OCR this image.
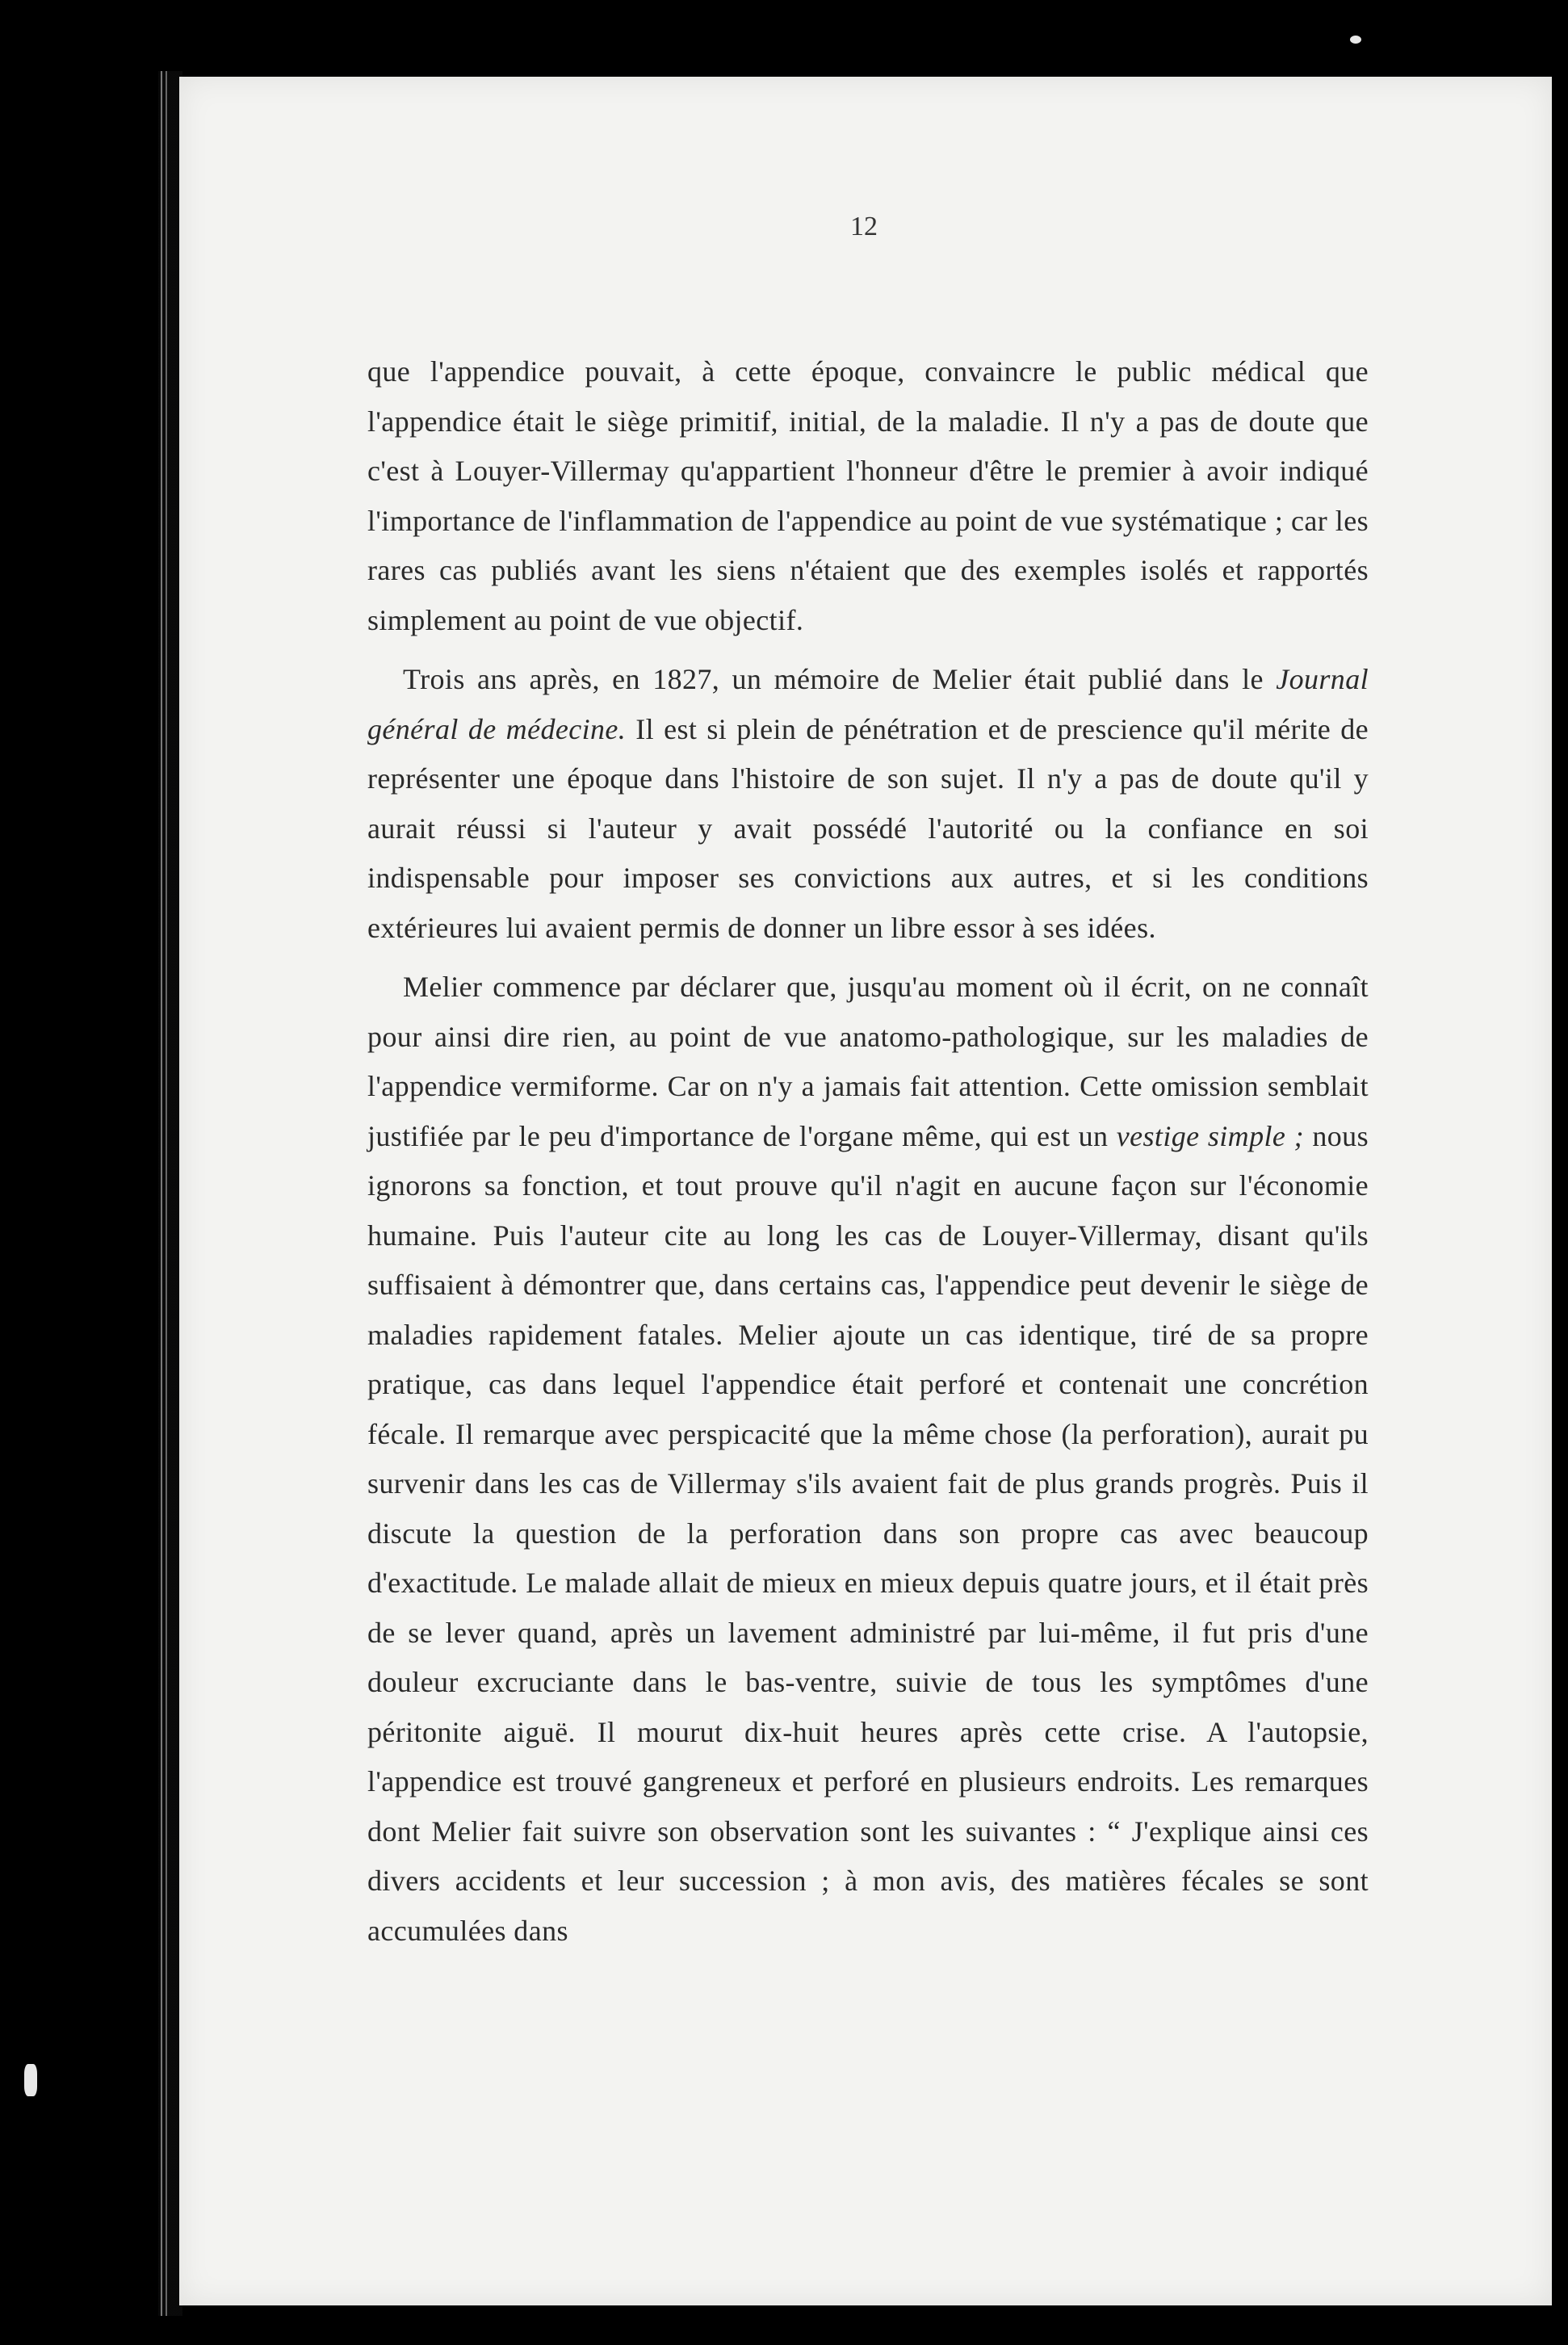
12

que l'appendice pouvait, à cette époque, convaincre le public médical que l'appendice était le siège primitif, initial, de la maladie. Il n'y a pas de doute que c'est à Louyer-Villermay qu'appartient l'honneur d'être le premier à avoir indiqué l'importance de l'inflammation de l'appendice au point de vue systématique ; car les rares cas publiés avant les siens n'étaient que des exemples isolés et rapportés simplement au point de vue objectif.

Trois ans après, en 1827, un mémoire de Melier était publié dans le Journal général de médecine. Il est si plein de pénétration et de prescience qu'il mérite de représenter une époque dans l'histoire de son sujet. Il n'y a pas de doute qu'il y aurait réussi si l'auteur y avait possédé l'autorité ou la confiance en soi indispensable pour imposer ses convictions aux autres, et si les conditions extérieures lui avaient permis de donner un libre essor à ses idées.

Melier commence par déclarer que, jusqu'au moment où il écrit, on ne connaît pour ainsi dire rien, au point de vue anatomo-pathologique, sur les maladies de l'appendice vermiforme. Car on n'y a jamais fait attention. Cette omission semblait justifiée par le peu d'importance de l'organe même, qui est un vestige simple ; nous ignorons sa fonction, et tout prouve qu'il n'agit en aucune façon sur l'économie humaine. Puis l'auteur cite au long les cas de Louyer-Villermay, disant qu'ils suffisaient à démontrer que, dans certains cas, l'appendice peut devenir le siège de maladies rapidement fatales. Melier ajoute un cas identique, tiré de sa propre pratique, cas dans lequel l'appendice était perforé et contenait une concrétion fécale. Il remarque avec perspicacité que la même chose (la perforation), aurait pu survenir dans les cas de Villermay s'ils avaient fait de plus grands progrès. Puis il discute la question de la perforation dans son propre cas avec beaucoup d'exactitude. Le malade allait de mieux en mieux depuis quatre jours, et il était près de se lever quand, après un lavement administré par lui-même, il fut pris d'une douleur excruciante dans le bas-ventre, suivie de tous les symptômes d'une péritonite aiguë. Il mourut dix-huit heures après cette crise. A l'autopsie, l'appendice est trouvé gangreneux et perforé en plusieurs endroits. Les remarques dont Melier fait suivre son observation sont les suivantes : “ J'explique ainsi ces divers accidents et leur succession ; à mon avis, des matières fécales se sont accumulées dans
